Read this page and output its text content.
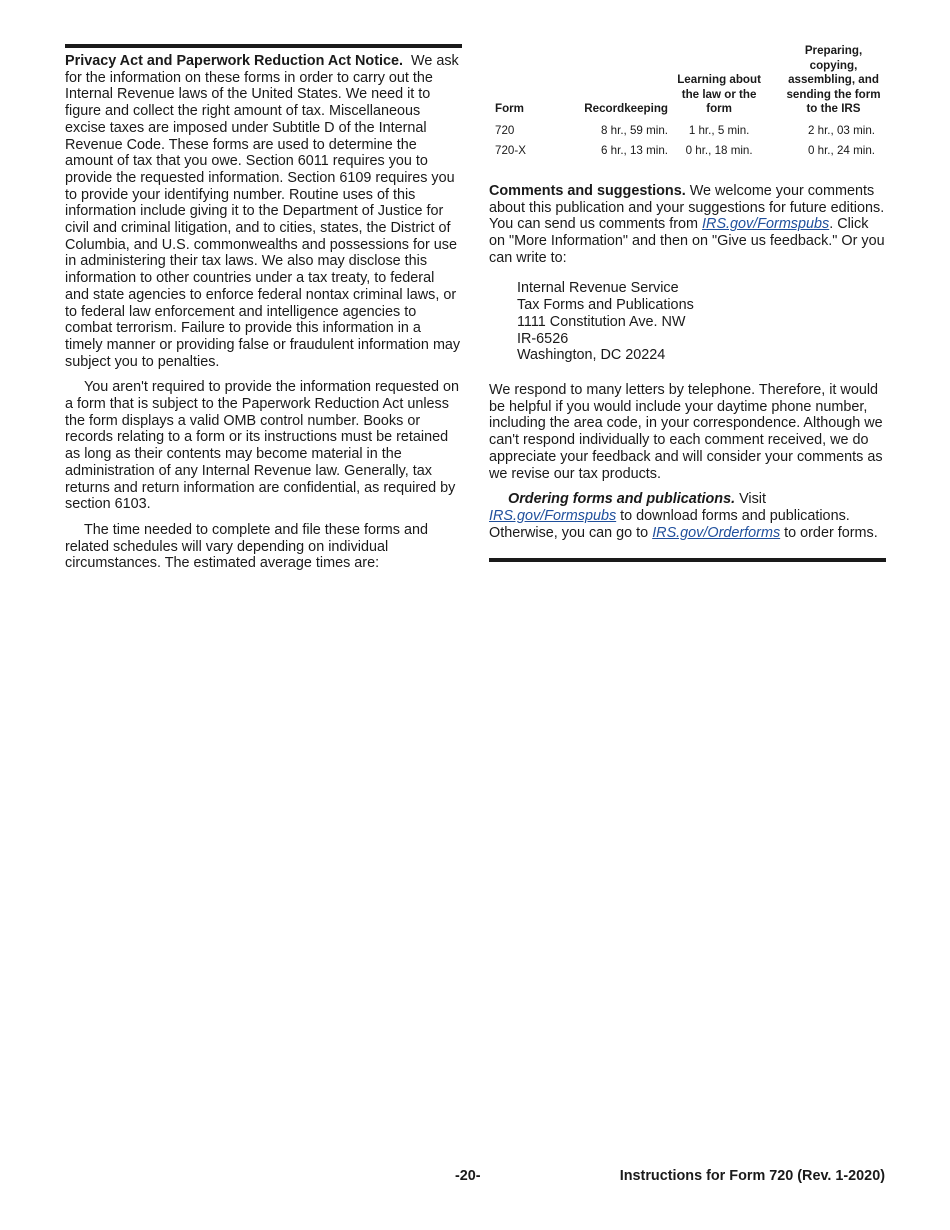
Privacy Act and Paperwork Reduction Act Notice. We ask for the information on these forms in order to carry out the Internal Revenue laws of the United States. We need it to figure and collect the right amount of tax. Miscellaneous excise taxes are imposed under Subtitle D of the Internal Revenue Code. These forms are used to determine the amount of tax that you owe. Section 6011 requires you to provide the requested information. Section 6109 requires you to provide your identifying number. Routine uses of this information include giving it to the Department of Justice for civil and criminal litigation, and to cities, states, the District of Columbia, and U.S. commonwealths and possessions for use in administering their tax laws. We also may disclose this information to other countries under a tax treaty, to federal and state agencies to enforce federal nontax criminal laws, or to federal law enforcement and intelligence agencies to combat terrorism. Failure to provide this information in a timely manner or providing false or fraudulent information may subject you to penalties.

You aren't required to provide the information requested on a form that is subject to the Paperwork Reduction Act unless the form displays a valid OMB control number. Books or records relating to a form or its instructions must be retained as long as their contents may become material in the administration of any Internal Revenue law. Generally, tax returns and return information are confidential, as required by section 6103.

The time needed to complete and file these forms and related schedules will vary depending on individual circumstances. The estimated average times are:

Form	Recordkeeping	Learning about the law or the form	Preparing, copying, assembling, and sending the form to the IRS

720	8 hr., 59 min.	1 hr., 5 min.	2 hr., 03 min.
720-X	6 hr., 13 min.	0 hr., 18 min.	0 hr., 24 min.

Comments and suggestions. We welcome your comments about this publication and your suggestions for future editions. You can send us comments from IRS.gov/Formspubs. Click on "More Information" and then on "Give us feedback." Or you can write to:

Internal Revenue Service
Tax Forms and Publications
1111 Constitution Ave. NW
IR-6526
Washington, DC 20224

We respond to many letters by telephone. Therefore, it would be helpful if you would include your daytime phone number, including the area code, in your correspondence. Although we can't respond individually to each comment received, we do appreciate your feedback and will consider your comments as we revise our tax products.

Ordering forms and publications. Visit IRS.gov/Formspubs to download forms and publications. Otherwise, you can go to IRS.gov/Orderforms to order forms.

-20-	Instructions for Form 720 (Rev. 1-2020)
